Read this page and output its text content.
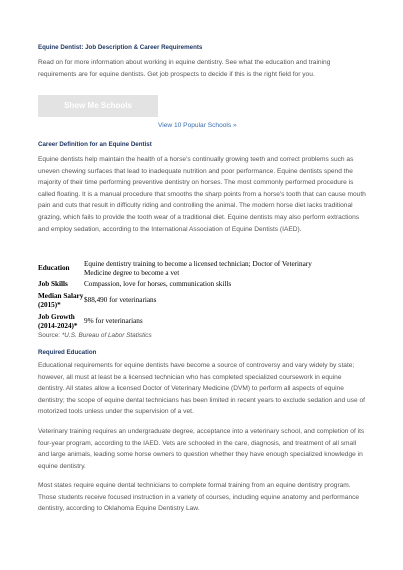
Equine Dentist: Job Description & Career Requirements
Read on for more information about working in equine dentistry. See what the education and training requirements are for equine dentists. Get job prospects to decide if this is the right field for you.
Show Me Schools
View 10 Popular Schools »
Career Definition for an Equine Dentist
Equine dentists help maintain the health of a horse's continually growing teeth and correct problems such as uneven chewing surfaces that lead to inadequate nutrition and poor performance. Equine dentists spend the majority of their time performing preventive dentistry on horses. The most commonly performed procedure is called floating. It is a manual procedure that smooths the sharp points from a horse's tooth that can cause mouth pain and cuts that result in difficulty riding and controlling the animal. The modern horse diet lacks traditional grazing, which fails to provide the tooth wear of a traditional diet. Equine dentists may also perform extractions and employ sedation, according to the International Association of Equine Dentists (IAED).
Education	Equine dentistry training to become a licensed technician; Doctor of Veterinary Medicine degree to become a vet
Job Skills	Compassion, love for horses, communication skills
Median Salary (2015)*	$88,490 for veterinarians
Job Growth (2014-2024)*	9% for veterinarians
Source: *U.S. Bureau of Labor Statistics
Required Education
Educational requirements for equine dentists have become a source of controversy and vary widely by state; however, all must at least be a licensed technician who has completed specialized coursework in equine dentistry. All states allow a licensed Doctor of Veterinary Medicine (DVM) to perform all aspects of equine dentistry; the scope of equine dental technicians has been limited in recent years to exclude sedation and use of motorized tools unless under the supervision of a vet.
Veterinary training requires an undergraduate degree, acceptance into a veterinary school, and completion of its four-year program, according to the IAED. Vets are schooled in the care, diagnosis, and treatment of all small and large animals, leading some horse owners to question whether they have enough specialized knowledge in equine dentistry.
Most states require equine dental technicians to complete formal training from an equine dentistry program. Those students receive focused instruction in a variety of courses, including equine anatomy and performance dentistry, according to Oklahoma Equine Dentistry Law.
